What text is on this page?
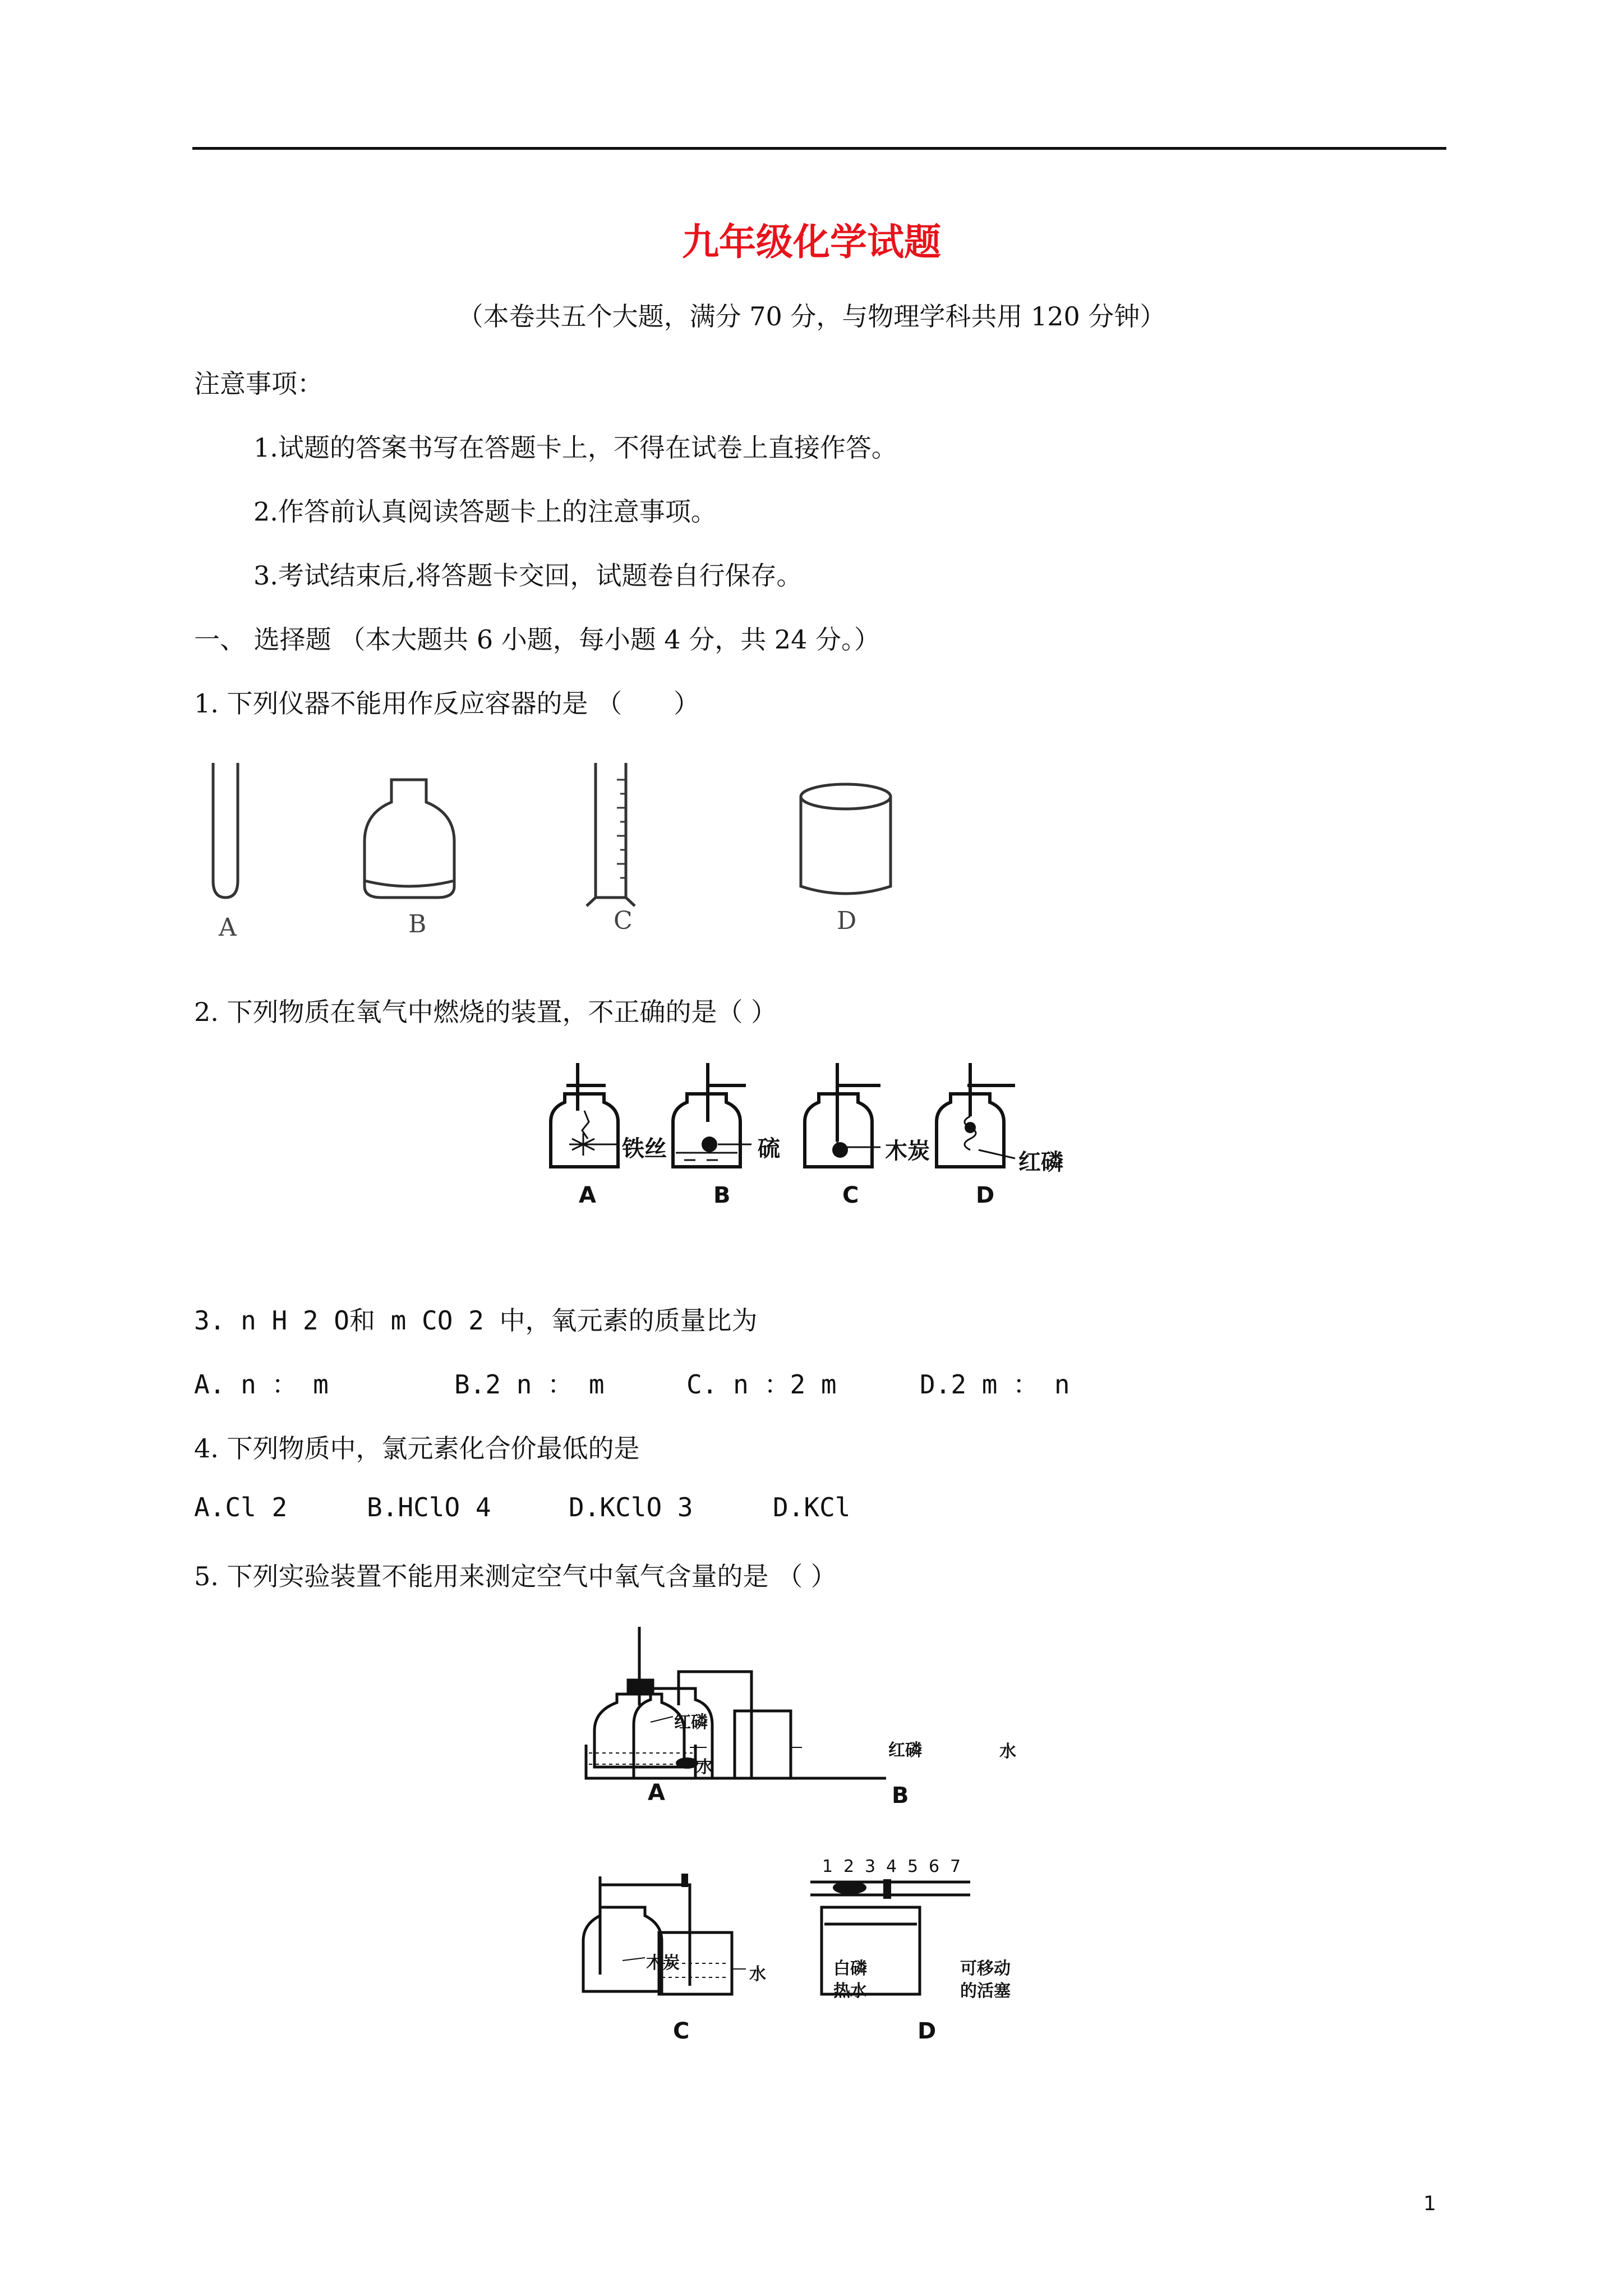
九年级化学试题
（本卷共五个大题，满分 70 分，与物理学科共用 120 分钟）
注意事项：
1.试题的答案书写在答题卡上，不得在试卷上直接作答。
2.作答前认真阅读答题卡上的注意事项。
3.考试结束后,将答题卡交回，试题卷自行保存。
一、 选择题 （本大题共 6 小题，每小题 4 分，共 24 分。）
1. 下列仪器不能用作反应容器的是 （　　）
A	B	C	D
2. 下列物质在氧气中燃烧的装置，不正确的是（ ）
铁丝	硫	木炭	红磷
A	B	C	D
3. n H 2 O和 m CO 2 中，氧元素的质量比为
A. n ： m	B.2 n ： m	C. n ：2 m	D.2 m ： n
4. 下列物质中，氯元素化合价最低的是
A.Cl 2	B.HClO 4	D.KClO 3	D.KCl
5. 下列实验装置不能用来测定空气中氧气含量的是 （ ）
红磷
水
红磷	水
A	B
木炭
水	白磷
热水
可移动
的活塞
1 2 3 4 5 6 7
C	D
1
